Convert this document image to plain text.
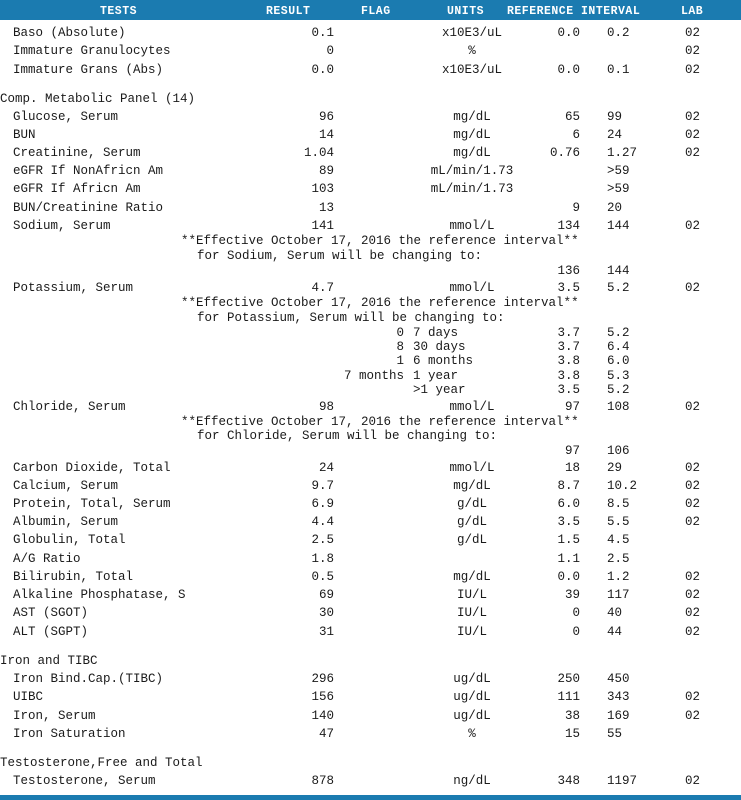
TESTS	RESULT	FLAG	UNITS REFERENCE INTERVAL	LAB
Baso (Absolute)	0.1	x10E3/uL	0.0 0.2	02
Immature Granulocytes	0	%	02
Immature Grans (Abs)	0.0	x10E3/uL	0.0 0.1	02
Comp. Metabolic Panel (14)
Glucose, Serum	96	mg/dL	65 99	02
BUN	14	mg/dL	6 24	02
Creatinine, Serum	1.04	mg/dL	0.76 1.27	02
eGFR If NonAfricn Am	89	mL/min/1.73	>59
eGFR If Africn Am	103	mL/min/1.73	>59
BUN/Creatinine Ratio	13	9 20
Sodium, Serum	141	mmol/L	134 144	02
**Effective October 17, 2016 the reference interval**
for Sodium, Serum will be changing to:
136 144
Potassium, Serum	4.7	mmol/L	3.5 5.2	02
**Effective October 17, 2016 the reference interval**
for Potassium, Serum will be changing to:
0 7 days	3.7 5.2
8 30 days	3.7 6.4
1 6 months	3.8 6.0
7 months 1 year	3.8 5.3
>1 year	3.5 5.2
Chloride, Serum	98	mmol/L	97 108	02
**Effective October 17, 2016 the reference interval**
for Chloride, Serum will be changing to:
97 106
Carbon Dioxide, Total	24	mmol/L	18 29	02
Calcium, Serum	9.7	mg/dL	8.7 10.2	02
Protein, Total, Serum	6.9	g/dL	6.0 8.5	02
Albumin, Serum	4.4	g/dL	3.5 5.5	02
Globulin, Total	2.5	g/dL	1.5 4.5
A/G Ratio	1.8	1.1 2.5
Bilirubin, Total	0.5	mg/dL	0.0 1.2	02
Alkaline Phosphatase, S	69	IU/L	39 117	02
AST (SGOT)	30	IU/L	0 40	02
ALT (SGPT)	31	IU/L	0 44	02
Iron and TIBC
Iron Bind.Cap.(TIBC)	296	ug/dL	250 450
UIBC	156	ug/dL	111 343	02
Iron, Serum	140	ug/dL	38 169	02
Iron Saturation	47	%	15 55
Testosterone,Free and Total
Testosterone, Serum	878	ng/dL	348 1197	02
